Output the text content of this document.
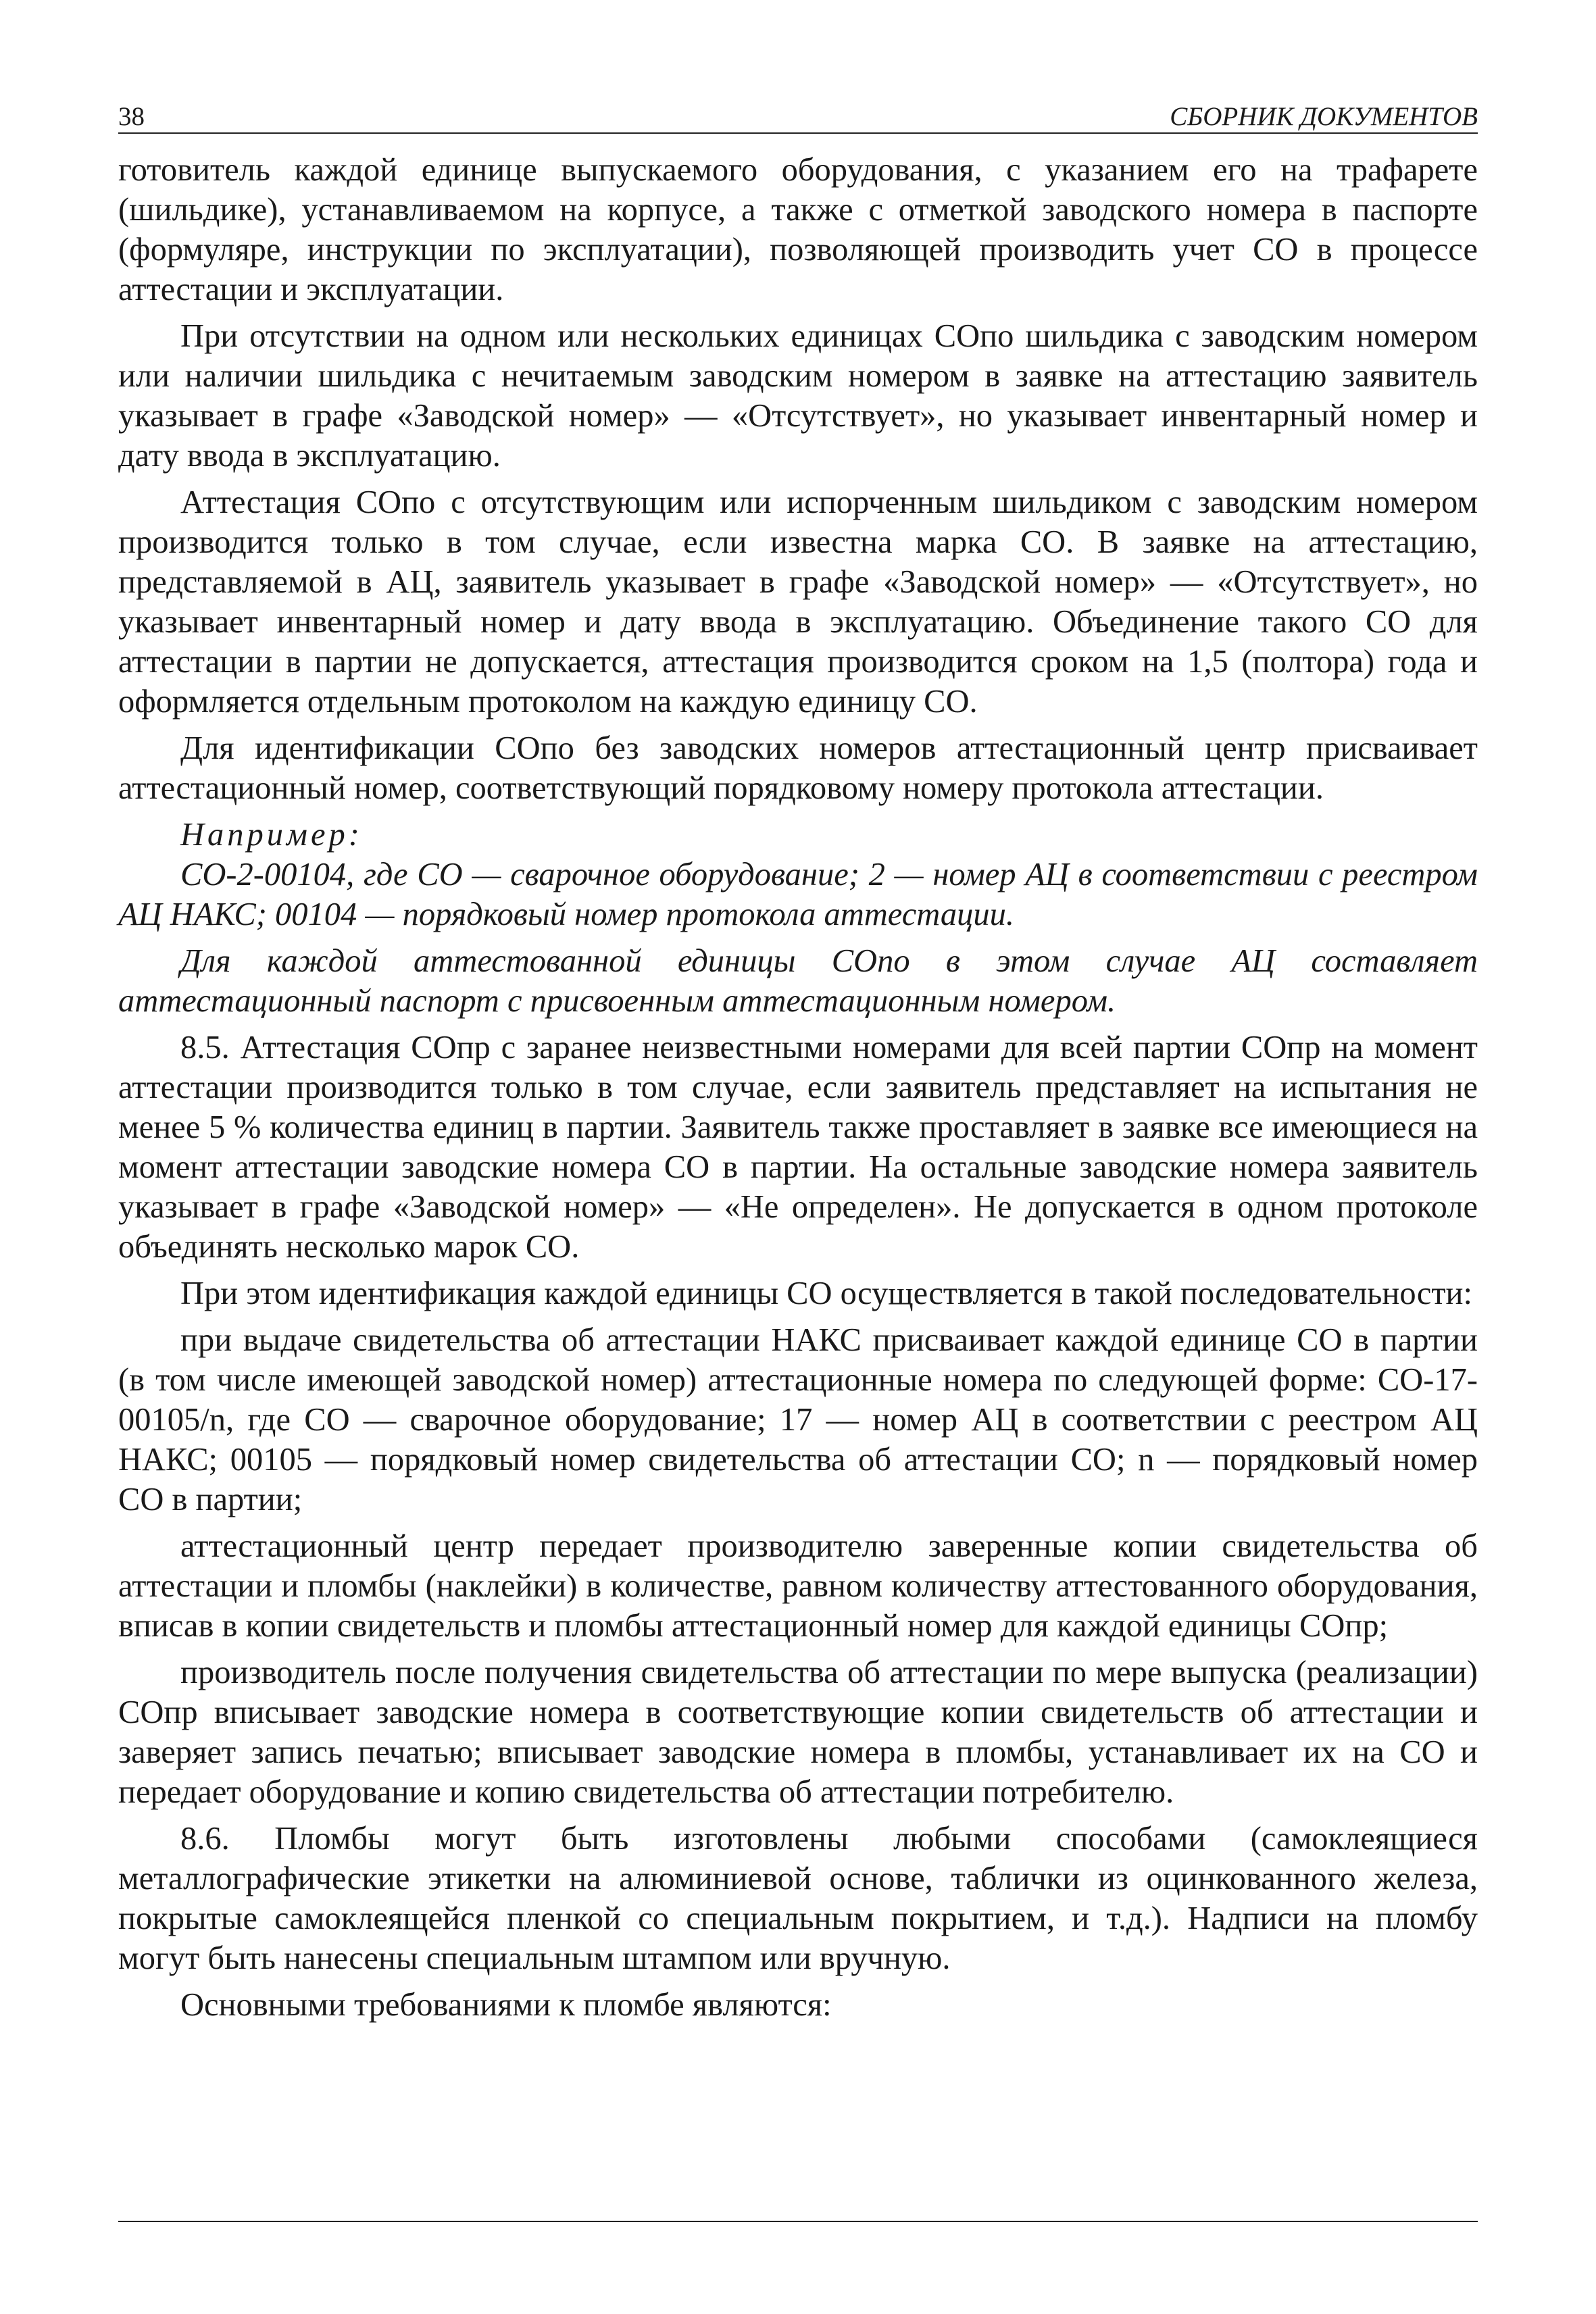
38	СБОРНИК ДОКУМЕНТОВ

готовитель каждой единице выпускаемого оборудования, с указанием его на трафарете (шильдике), устанавливаемом на корпусе, а также с отметкой заводского номера в паспорте (формуляре, инструкции по эксплуатации), позволяющей производить учет СО в процессе аттестации и эксплуатации.

При отсутствии на одном или нескольких единицах СОпо шильдика с заводским номером или наличии шильдика с нечитаемым заводским номером в заявке на аттестацию заявитель указывает в графе «Заводской номер» — «Отсутствует», но указывает инвентарный номер и дату ввода в эксплуатацию.

Аттестация СОпо с отсутствующим или испорченным шильдиком с заводским номером производится только в том случае, если известна марка СО. В заявке на аттестацию, представляемой в АЦ, заявитель указывает в графе «Заводской номер» — «Отсутствует», но указывает инвентарный номер и дату ввода в эксплуатацию. Объединение такого СО для аттестации в партии не допускается, аттестация производится сроком на 1,5 (полтора) года и оформляется отдельным протоколом на каждую единицу СО.

Для идентификации СОпо без заводских номеров аттестационный центр присваивает аттестационный номер, соответствующий порядковому номеру протокола аттестации.

Например:

СО-2-00104, где СО — сварочное оборудование; 2 — номер АЦ в соответствии с реестром АЦ НАКС; 00104 — порядковый номер протокола аттестации.

Для каждой аттестованной единицы СОпо в этом случае АЦ составляет аттестационный паспорт с присвоенным аттестационным номером.

8.5. Аттестация СОпр с заранее неизвестными номерами для всей партии СОпр на момент аттестации производится только в том случае, если заявитель представляет на испытания не менее 5 % количества единиц в партии. Заявитель также проставляет в заявке все имеющиеся на момент аттестации заводские номера СО в партии. На остальные заводские номера заявитель указывает в графе «Заводской номер» — «Не определен». Не допускается в одном протоколе объединять несколько марок СО.

При этом идентификация каждой единицы СО осуществляется в такой последовательности:

при выдаче свидетельства об аттестации НАКС присваивает каждой единице СО в партии (в том числе имеющей заводской номер) аттестационные номера по следующей форме: СО-17-00105/n, где СО — сварочное оборудование; 17 — номер АЦ в соответствии с реестром АЦ НАКС; 00105 — порядковый номер свидетельства об аттестации СО; n — порядковый номер СО в партии;

аттестационный центр передает производителю заверенные копии свидетельства об аттестации и пломбы (наклейки) в количестве, равном количеству аттестованного оборудования, вписав в копии свидетельств и пломбы аттестационный номер для каждой единицы СОпр;

производитель после получения свидетельства об аттестации по мере выпуска (реализации) СОпр вписывает заводские номера в соответствующие копии свидетельств об аттестации и заверяет запись печатью; вписывает заводские номера в пломбы, устанавливает их на СО и передает оборудование и копию свидетельства об аттестации потребителю.

8.6. Пломбы могут быть изготовлены любыми способами (самоклеящиеся металлографические этикетки на алюминиевой основе, таблички из оцинкованного железа, покрытые самоклеящейся пленкой со специальным покрытием, и т.д.). Надписи на пломбу могут быть нанесены специальным штампом или вручную.

Основными требованиями к пломбе являются:
